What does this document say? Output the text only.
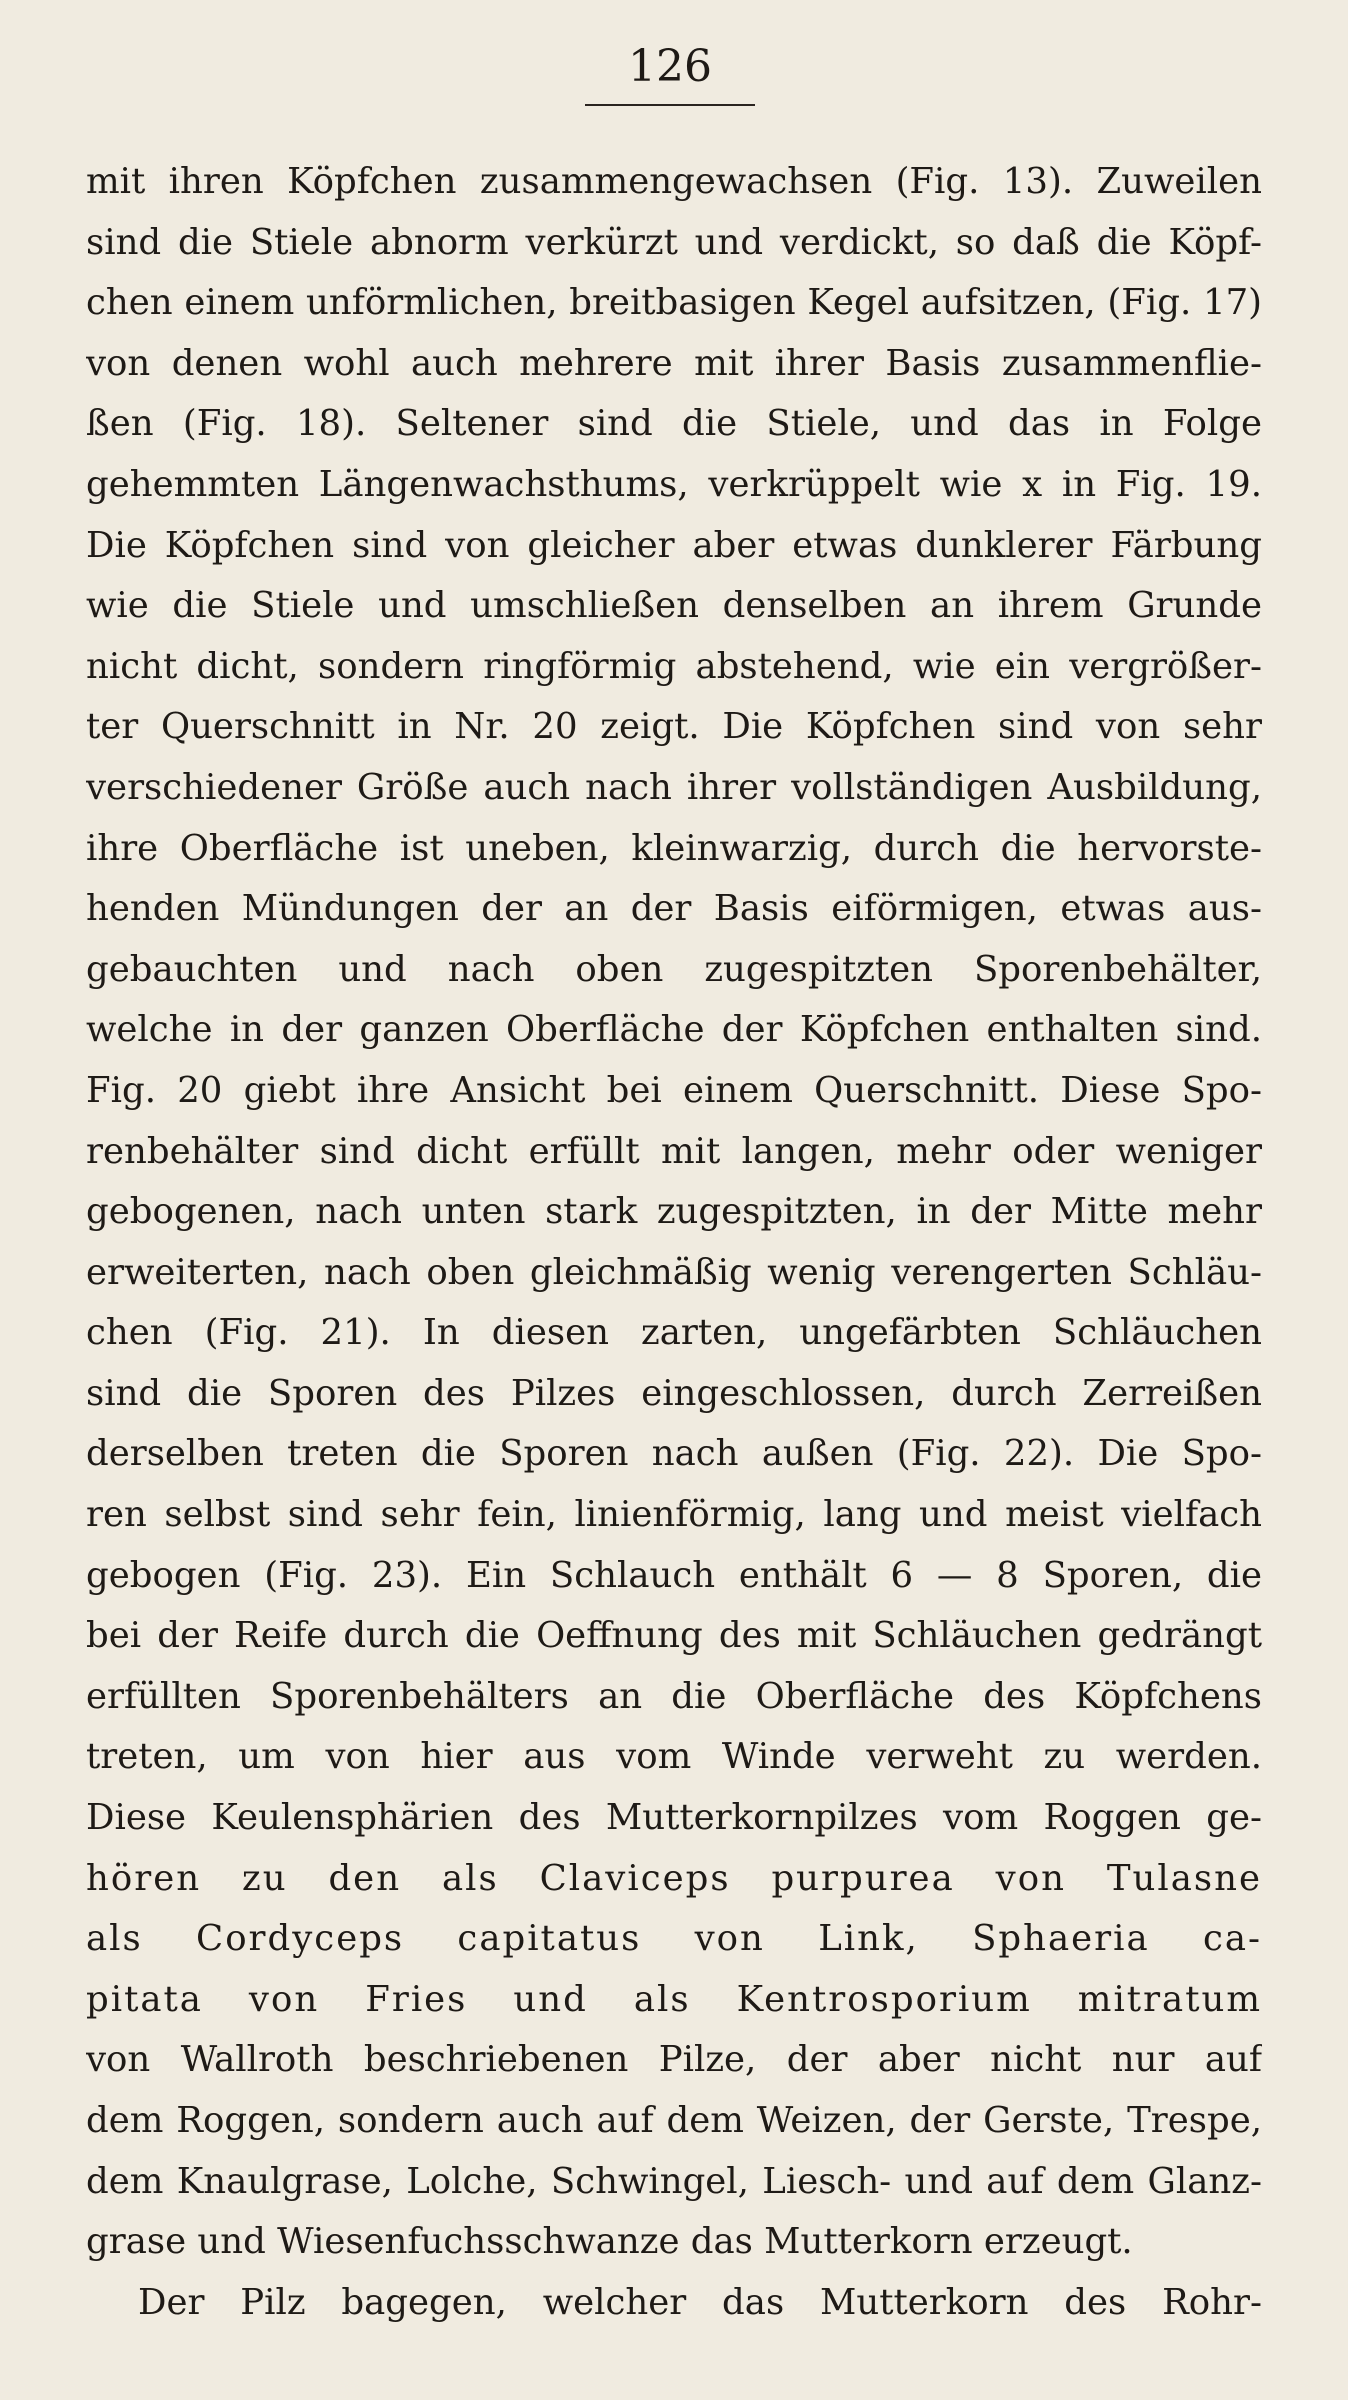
126
mit ihren Köpfchen zusammengewachsen (Fig. 13). Zuweilen
sind die Stiele abnorm verkürzt und verdickt, so daß die Köpf-
chen einem unförmlichen, breitbasigen Kegel aufsitzen, (Fig. 17)
von denen wohl auch mehrere mit ihrer Basis zusammenflie-
ßen (Fig. 18). Seltener sind die Stiele, und das in Folge
gehemmten Längenwachsthums, verkrüppelt wie x in Fig. 19.
Die Köpfchen sind von gleicher aber etwas dunklerer Färbung
wie die Stiele und umschließen denselben an ihrem Grunde
nicht dicht, sondern ringförmig abstehend, wie ein vergrößer-
ter Querschnitt in Nr. 20 zeigt. Die Köpfchen sind von sehr
verschiedener Größe auch nach ihrer vollständigen Ausbildung,
ihre Oberfläche ist uneben, kleinwarzig, durch die hervorste-
henden Mündungen der an der Basis eiförmigen, etwas aus-
gebauchten und nach oben zugespitzten Sporenbehälter,
welche in der ganzen Oberfläche der Köpfchen enthalten sind.
Fig. 20 giebt ihre Ansicht bei einem Querschnitt. Diese Spo-
renbehälter sind dicht erfüllt mit langen, mehr oder weniger
gebogenen, nach unten stark zugespitzten, in der Mitte mehr
erweiterten, nach oben gleichmäßig wenig verengerten Schläu-
chen (Fig. 21). In diesen zarten, ungefärbten Schläuchen
sind die Sporen des Pilzes eingeschlossen, durch Zerreißen
derselben treten die Sporen nach außen (Fig. 22). Die Spo-
ren selbst sind sehr fein, linienförmig, lang und meist vielfach
gebogen (Fig. 23). Ein Schlauch enthält 6 — 8 Sporen, die
bei der Reife durch die Oeffnung des mit Schläuchen gedrängt
erfüllten Sporenbehälters an die Oberfläche des Köpfchens
treten, um von hier aus vom Winde verweht zu werden.
Diese Keulensphärien des Mutterkornpilzes vom Roggen ge-
hören zu den als Claviceps purpurea von Tulasne
als Cordyceps capitatus von Link, Sphaeria ca-
pitata von Fries und als Kentrosporium mitratum
von Wallroth beschriebenen Pilze, der aber nicht nur auf
dem Roggen, sondern auch auf dem Weizen, der Gerste, Trespe,
dem Knaulgrase, Lolche, Schwingel, Liesch- und auf dem Glanz-
grase und Wiesenfuchsschwanze das Mutterkorn erzeugt.
Der Pilz bagegen, welcher das Mutterkorn des Rohr-
